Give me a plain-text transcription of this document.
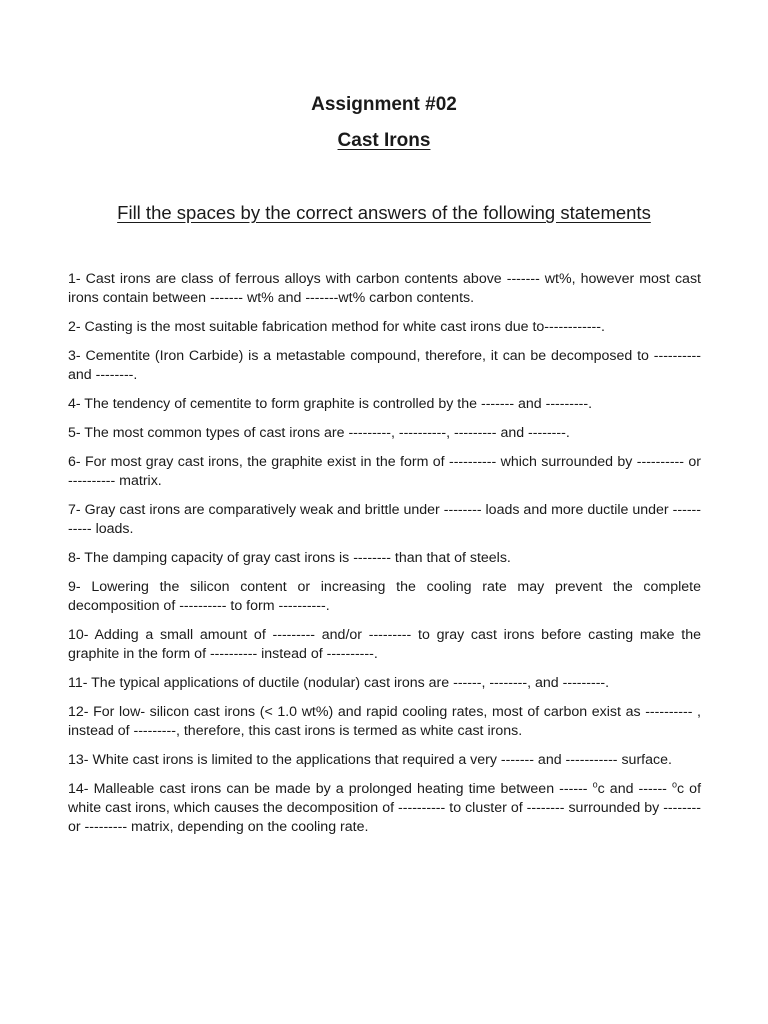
Assignment #02
Cast Irons
Fill the spaces by the correct answers of the following statements

1- Cast irons are class of ferrous alloys with carbon contents above ------- wt%, however most cast irons contain between ------- wt% and -------wt% carbon contents.

2- Casting is the most suitable fabrication method for white cast irons due to------------.

3- Cementite (Iron Carbide) is a metastable compound, therefore, it can be decomposed to ---------- and --------.

4- The tendency of cementite to form graphite is controlled by the ------- and ---------.

5- The most common types of cast irons are ---------, ----------, --------- and --------.

6- For most gray cast irons, the graphite exist in the form of ---------- which surrounded by ---------- or ---------- matrix.

7- Gray cast irons are comparatively weak and brittle under -------- loads and more ductile under ----------- loads.

8- The damping capacity of gray cast irons is -------- than that of steels.

9- Lowering the silicon content or increasing the cooling rate may prevent the complete decomposition of ---------- to form ----------.

10- Adding a small amount of --------- and/or --------- to gray cast irons before casting make the graphite in the form of ---------- instead of ----------.

11- The typical applications of ductile (nodular) cast irons are ------, --------, and ---------.

12- For low- silicon cast irons (< 1.0 wt%) and rapid cooling rates, most of carbon exist as ---------- , instead of ---------, therefore, this cast irons is termed as white cast irons.

13- White cast irons is limited to the applications that required a very ------- and ----------- surface.

14- Malleable cast irons can be made by a prolonged heating time between ------ $^o$c and ------ $^o$c of white cast irons, which causes the decomposition of ---------- to cluster of -------- surrounded by -------- or --------- matrix, depending on the cooling rate.
